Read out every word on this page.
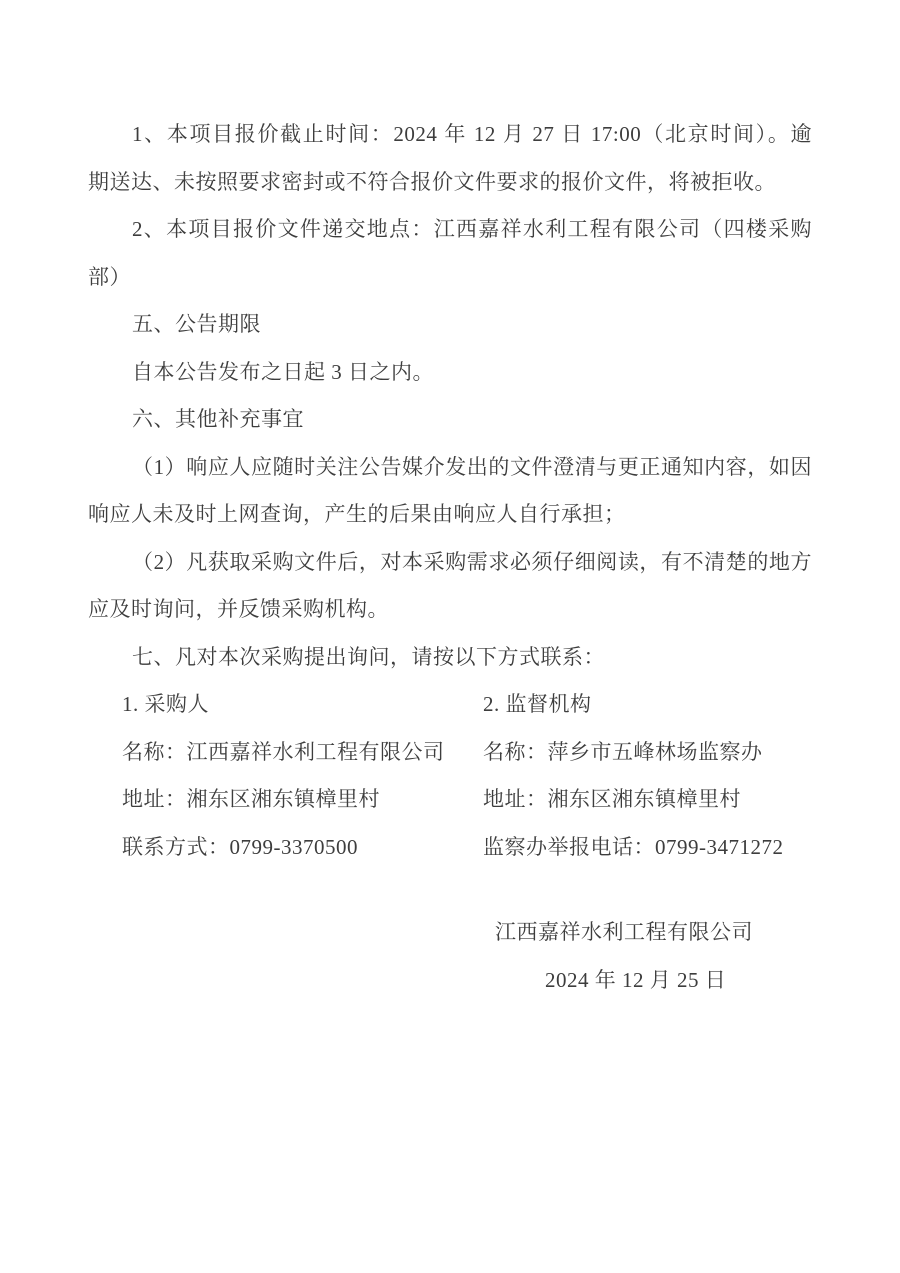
1、本项目报价截止时间：2024 年 12 月 27 日 17:00（北京时间）。逾
期送达、未按照要求密封或不符合报价文件要求的报价文件，将被拒收。
2、本项目报价文件递交地点：江西嘉祥水利工程有限公司（四楼采购
部）
五、公告期限
自本公告发布之日起 3 日之内。
六、其他补充事宜
（1）响应人应随时关注公告媒介发出的文件澄清与更正通知内容，如因
响应人未及时上网查询，产生的后果由响应人自行承担；
（2）凡获取采购文件后，对本采购需求必须仔细阅读，有不清楚的地方
应及时询问，并反馈采购机构。
七、凡对本次采购提出询问，请按以下方式联系：
1. 采购人	2. 监督机构
名称：江西嘉祥水利工程有限公司	名称：萍乡市五峰林场监察办
地址：湘东区湘东镇樟里村	地址：湘东区湘东镇樟里村
联系方式：0799-3370500	监察办举报电话：0799-3471272
江西嘉祥水利工程有限公司
2024 年 12 月 25 日
